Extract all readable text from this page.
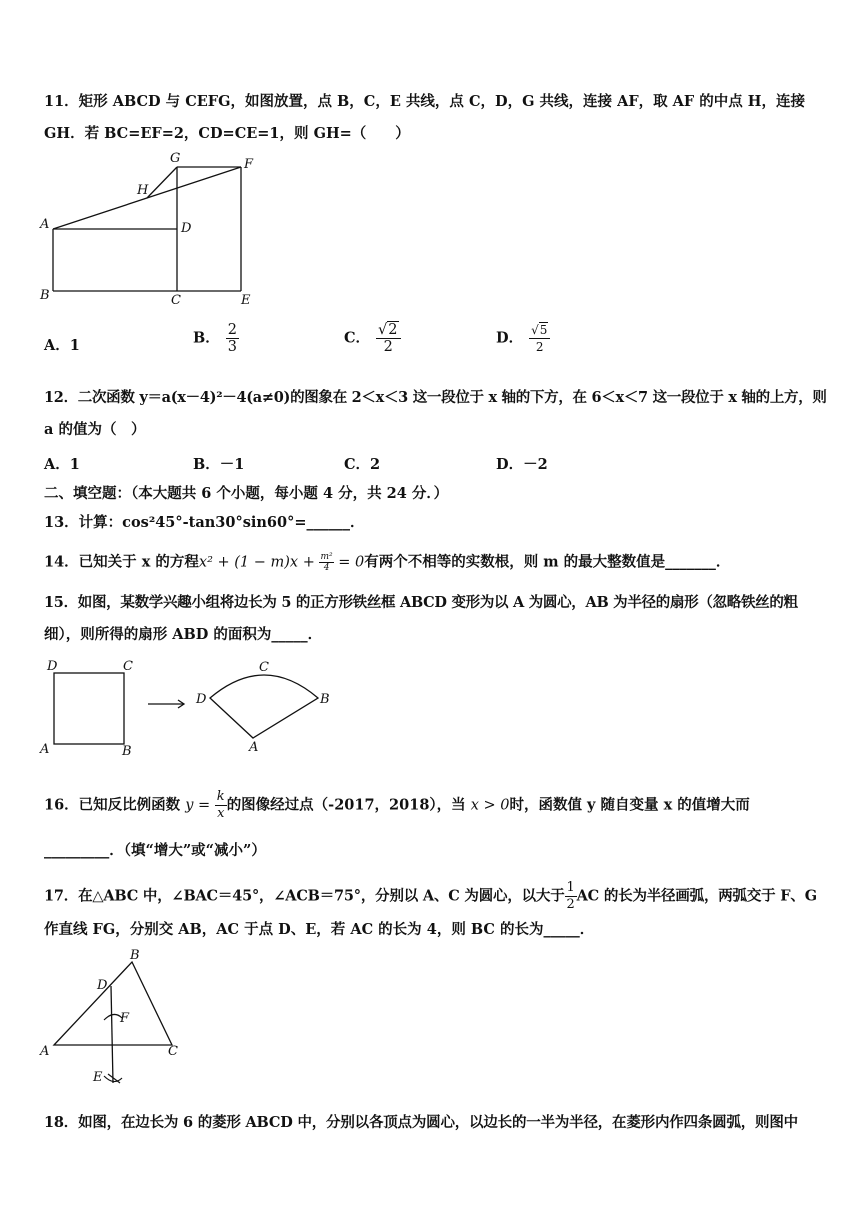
11．矩形 ABCD 与 CEFG，如图放置，点 B，C，E 共线，点 C，D，G 共线，连接 AF，取 AF 的中点 H，连接
GH．若 BC=EF=2，CD=CE=1，则 GH=（　　）
G	F
H
A	D
B	C	E
A．1	B． $\frac{2}{3}$	C． $\frac{√2}{2}$	D． $\frac{√5}{2}$
12．二次函数 y＝a(x－4)²－4(a≠0)的图象在 2＜x＜3 这一段位于 x 轴的下方，在 6＜x＜7 这一段位于 x 轴的上方，则
a 的值为（　）
A．1	B．－1	C．2	D．－2
二、填空题：（本大题共 6 个小题，每小题 4 分，共 24 分．）
13．计算：cos²45°-tan30°sin60°=______．
14．已知关于 x 的方程$x^2 + (1 - m)x + \frac{\text{m²}}{4} = 0$有两个不相等的实数根，则 m 的最大整数值是_______．
15．如图，某数学兴趣小组将边长为 5 的正方形铁丝框 ABCD 变形为以 A 为圆心，AB 为半径的扇形（忽略铁丝的粗
细），则所得的扇形 ABD 的面积为_____．
D	C
A	B
C
D	B
A
16．已知反比例函数 $y = \frac{k}{x}$ 的图像经过点（-2017，2018），当 x > 0时，函数值 y 随自变量 x 的值增大而
_________．（填“增大”或“减小”）
17．在△ABC 中，∠BAC＝45°，∠ACB＝75°，分别以 A、C 为圆心，以大于 $\frac{1}{2}$ AC 的长为半径画弧，两弧交于 F、G
作直线 FG，分别交 AB，AC 于点 D、E，若 AC 的长为 4，则 BC 的长为_____．
B
D
F
A	C
E
18．如图，在边长为 6 的菱形 ABCD 中，分别以各顶点为圆心，以边长的一半为半径，在菱形内作四条圆弧，则图中
